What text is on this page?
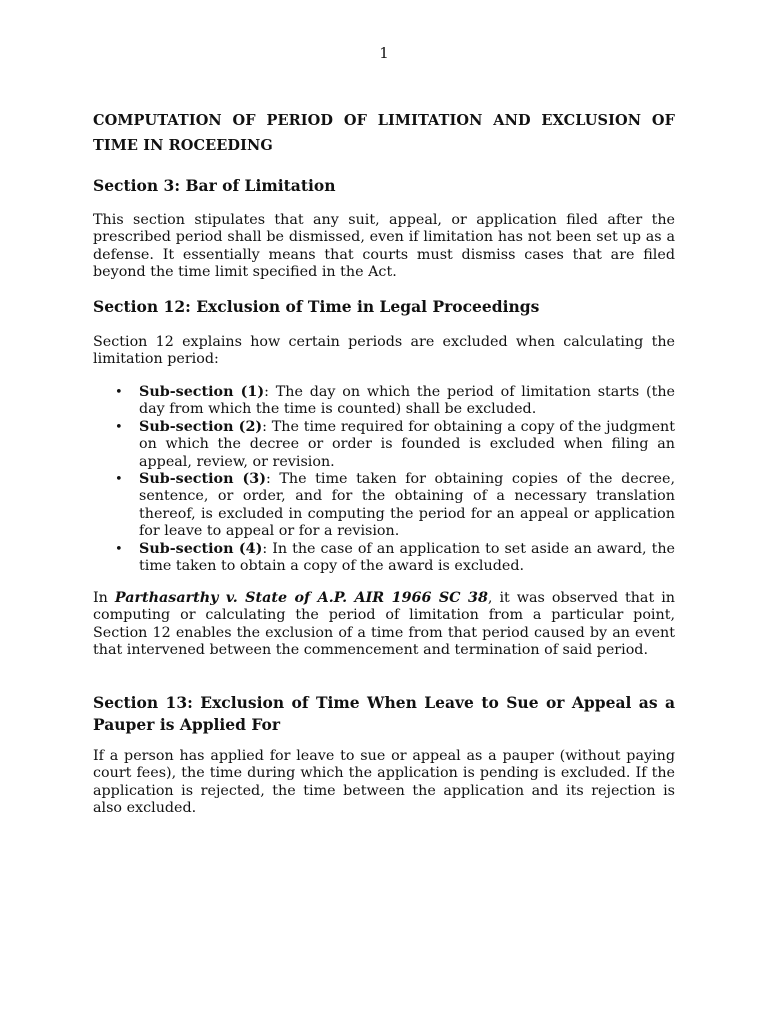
1
COMPUTATION OF PERIOD OF LIMITATION AND EXCLUSION OF TIME IN ROCEEDING
Section 3: Bar of Limitation

This section stipulates that any suit, appeal, or application filed after the prescribed period shall be dismissed, even if limitation has not been set up as a defense. It essentially means that courts must dismiss cases that are filed beyond the time limit specified in the Act.

Section 12: Exclusion of Time in Legal Proceedings

Section 12 explains how certain periods are excluded when calculating the limitation period:

• Sub-section (1): The day on which the period of limitation starts (the day from which the time is counted) shall be excluded.
• Sub-section (2): The time required for obtaining a copy of the judgment on which the decree or order is founded is excluded when filing an appeal, review, or revision.
• Sub-section (3): The time taken for obtaining copies of the decree, sentence, or order, and for the obtaining of a necessary translation thereof, is excluded in computing the period for an appeal or application for leave to appeal or for a revision.
• Sub-section (4): In the case of an application to set aside an award, the time taken to obtain a copy of the award is excluded.

In Parthasarthy v. State of A.P. AIR 1966 SC 38, it was observed that in computing or calculating the period of limitation from a particular point, Section 12 enables the exclusion of a time from that period caused by an event that intervened between the commencement and termination of said period.

Section 13: Exclusion of Time When Leave to Sue or Appeal as a Pauper is Applied For

If a person has applied for leave to sue or appeal as a pauper (without paying court fees), the time during which the application is pending is excluded. If the application is rejected, the time between the application and its rejection is also excluded.
